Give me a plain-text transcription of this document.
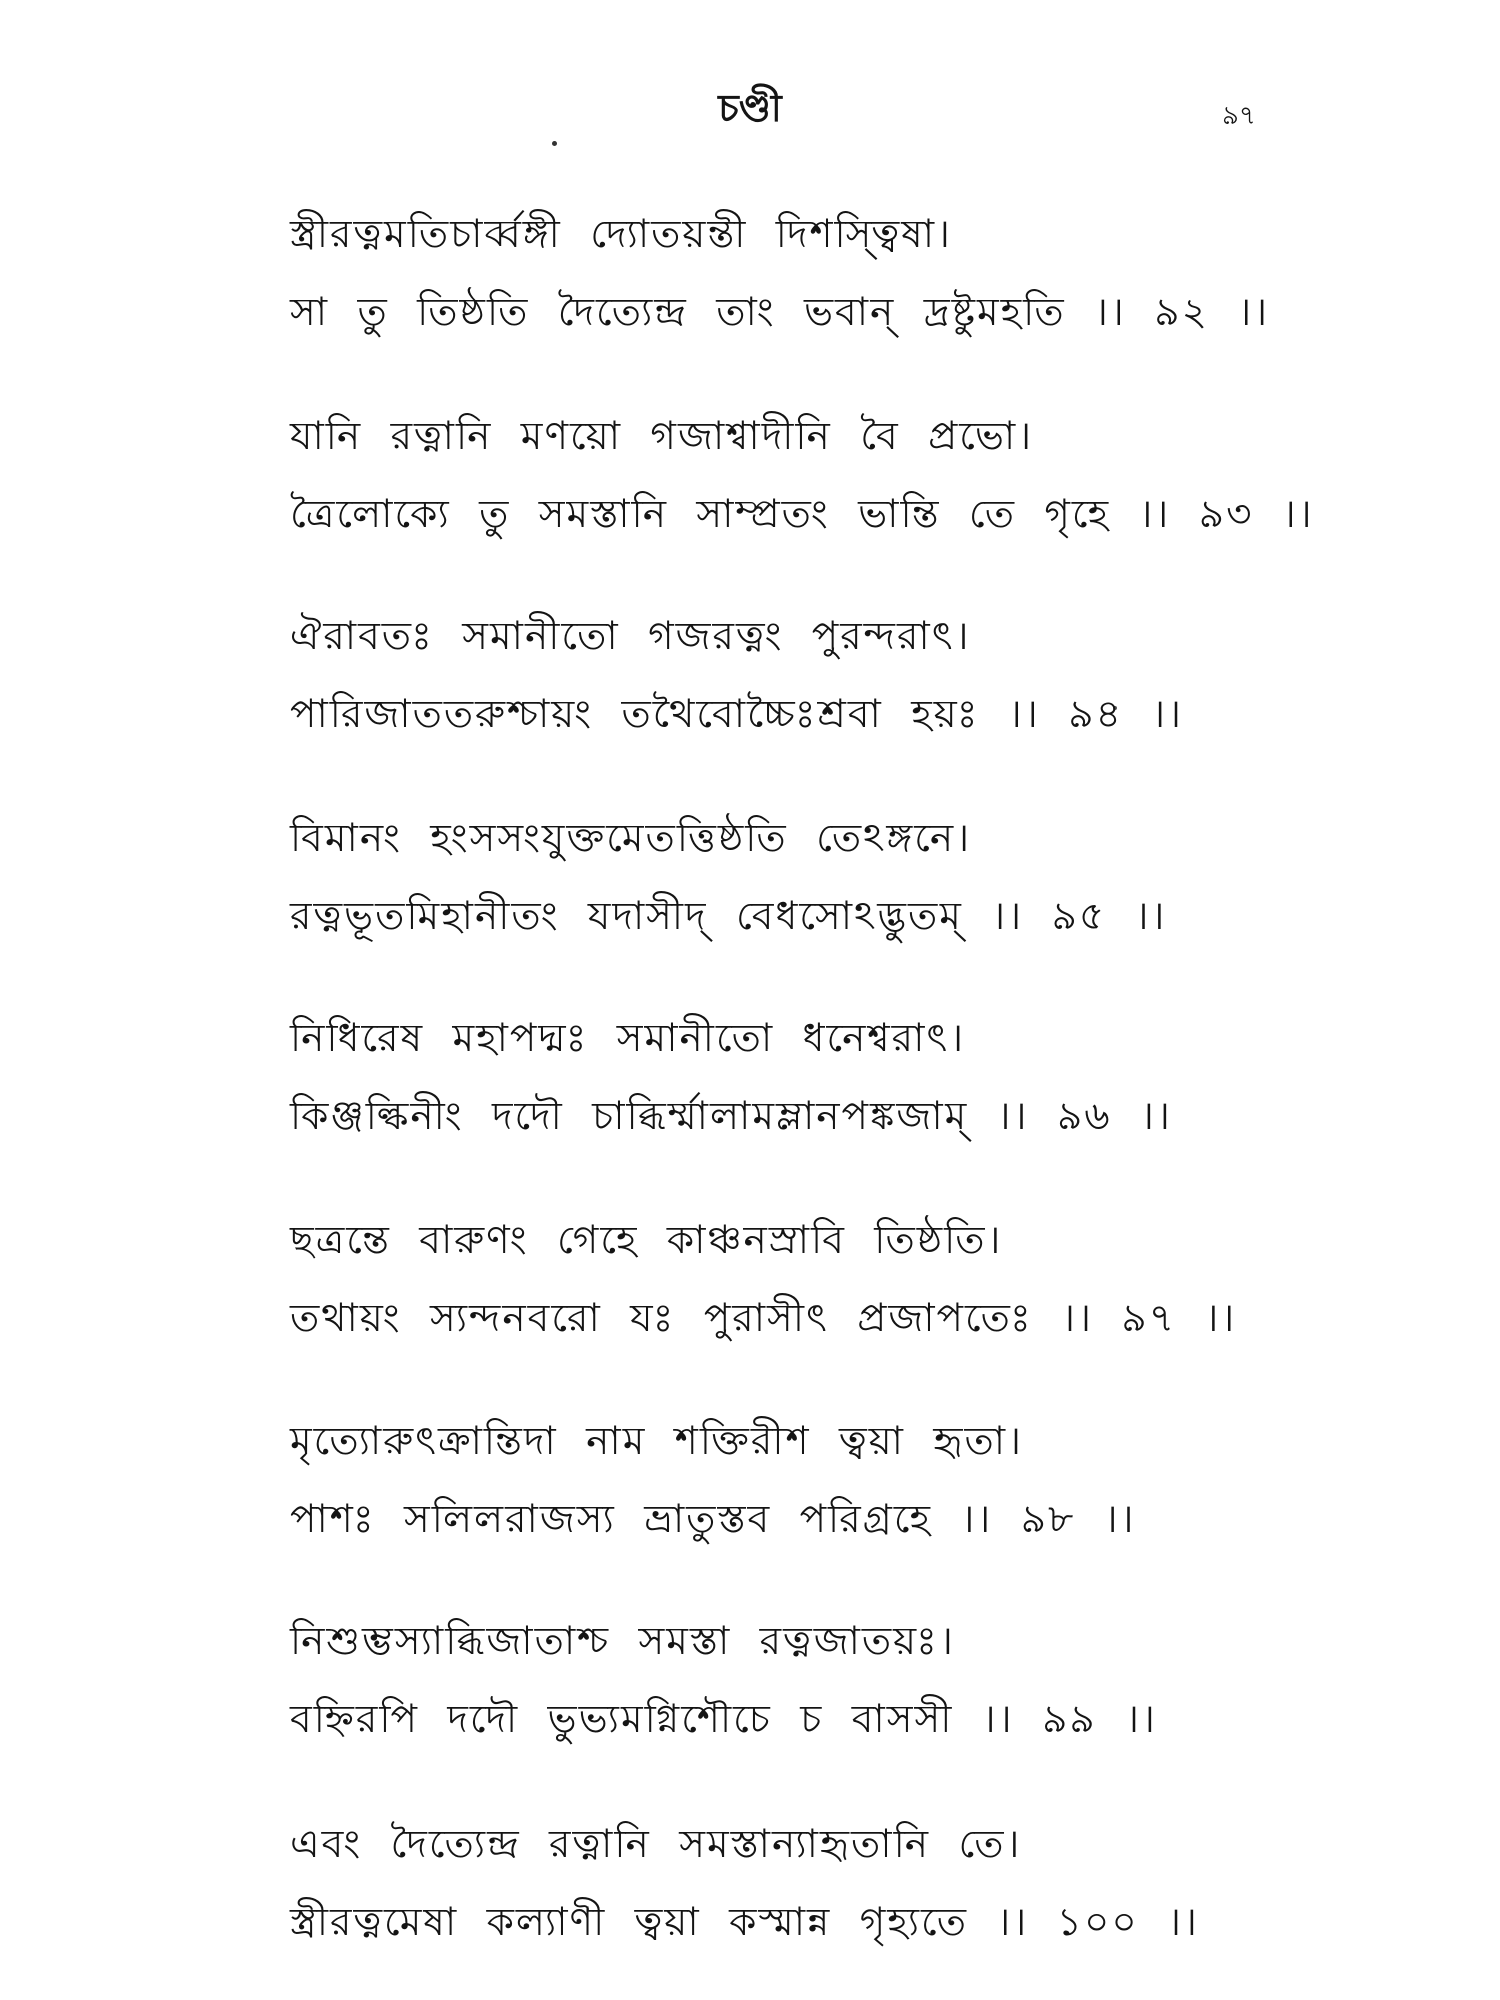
চণ্ডী	৯৭
স্ত্রীরত্নমতিচার্ব্বঙ্গী দ্যোতয়ন্তী দিশস্ত্বিষা।
সা তু তিষ্ঠতি দৈত্যেন্দ্র তাং ভবান্ দ্রষ্টুমহতি ।। ৯২ ।।
যানি রত্নানি মণয়ো গজাশ্বাদীনি বৈ প্রভো।
ত্রৈলোক্যে তু সমস্তানি সাম্প্রতং ভান্তি তে গৃহে ।। ৯৩ ।।
ঐরাবতঃ সমানীতো গজরত্নং পুরন্দরাৎ।
পারিজাততরুশ্চায়ং তথৈবোচ্চৈঃশ্রবা হয়ঃ ।। ৯৪ ।।
বিমানং হংসসংযুক্তমেতত্তিষ্ঠতি তেঽঙ্গনে।
রত্নভূতমিহানীতং যদাসীদ্ বেধসোঽদ্ভুতম্ ।। ৯৫ ।।
নিধিরেষ মহাপদ্মঃ সমানীতো ধনেশ্বরাৎ।
কিঞ্জল্কিনীং দদৌ চাব্ধির্ম্মালামম্লানপঙ্কজাম্ ।। ৯৬ ।।
ছত্রন্তে বারুণং গেহে কাঞ্চনস্রাবি তিষ্ঠতি।
তথায়ং স্যন্দনবরো যঃ পুরাসীৎ প্রজাপতেঃ ।। ৯৭ ।।
মৃত্যোরুৎক্রান্তিদা নাম শক্তিরীশ ত্বয়া হৃতা।
পাশঃ সলিলরাজস্য ভ্রাতুস্তব পরিগ্রহে ।। ৯৮ ।।
নিশুম্ভস্যাব্ধিজাতাশ্চ সমস্তা রত্নজাতয়ঃ।
বহ্নিরপি দদৌ ভুভ্যমগ্নিশৌচে চ বাসসী ।। ৯৯ ।।
এবং দৈত্যেন্দ্র রত্নানি সমস্তান্যাহৃতানি তে।
স্ত্রীরত্নমেষা কল্যাণী ত্বয়া কস্মান্ন গৃহ্যতে ।। ১০০ ।।
